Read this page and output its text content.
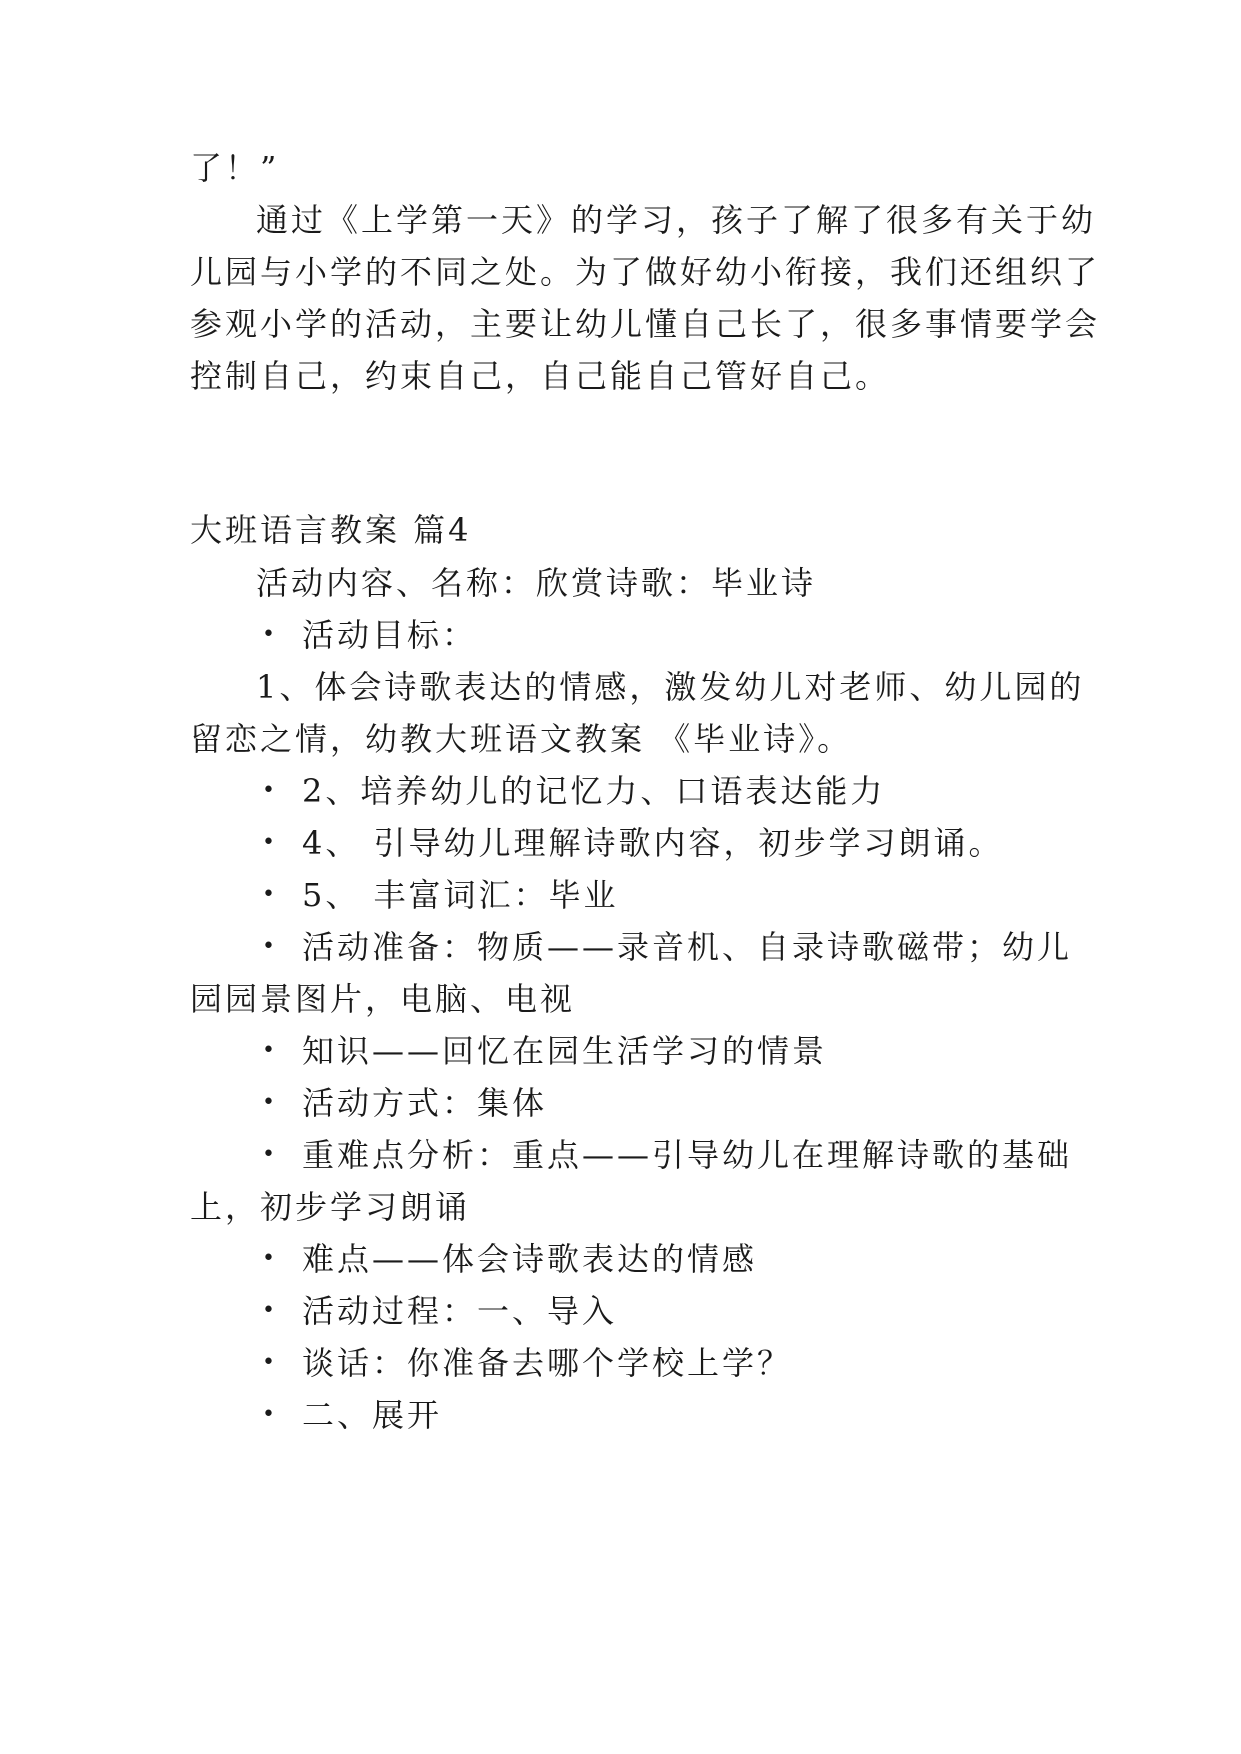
了！”
通过《上学第一天》的学习，孩子了解了很多有关于幼
儿园与小学的不同之处。为了做好幼小衔接，我们还组织了
参观小学的活动，主要让幼儿懂自己长了，很多事情要学会
控制自己，约束自己，自己能自己管好自己。
大班语言教案 篇4
活动内容、名称：欣赏诗歌：毕业诗
• 活动目标：
1、体会诗歌表达的情感，激发幼儿对老师、幼儿园的
留恋之情，幼教大班语文教案 《毕业诗》。
• 2、培养幼儿的记忆力、口语表达能力
• 4、 引导幼儿理解诗歌内容，初步学习朗诵。
• 5、 丰富词汇：毕业
• 活动准备：物质——录音机、自录诗歌磁带；幼儿
园园景图片，电脑、电视
• 知识——回忆在园生活学习的情景
• 活动方式：集体
• 重难点分析：重点——引导幼儿在理解诗歌的基础
上，初步学习朗诵
• 难点——体会诗歌表达的情感
• 活动过程：一、导入
• 谈话：你准备去哪个学校上学？
• 二、展开
